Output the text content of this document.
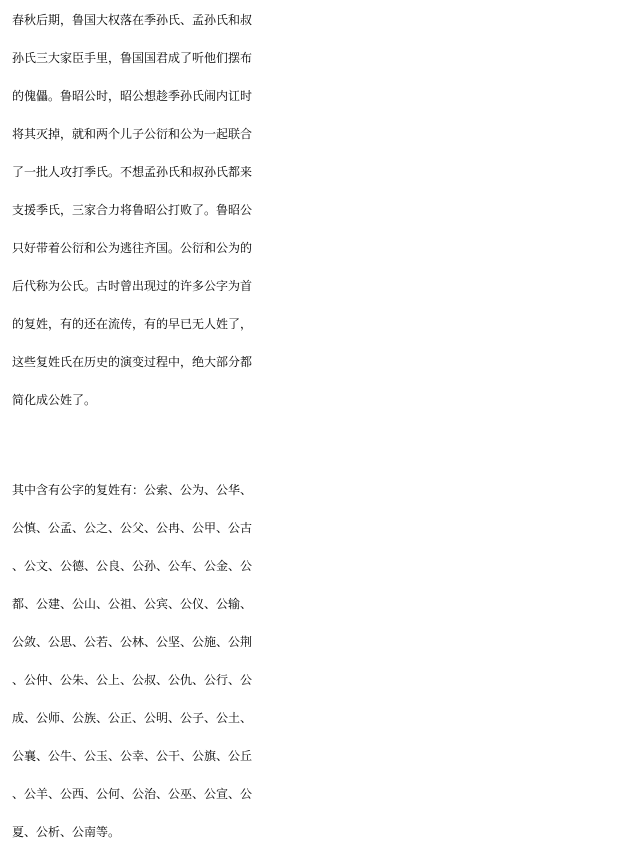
春秋后期，鲁国大权落在季孙氏、孟孙氏和叔
孙氏三大家臣手里，鲁国国君成了听他们摆布
的傀儡。鲁昭公时，昭公想趁季孙氏闹内讧时
将其灭掉，就和两个儿子公衍和公为一起联合
了一批人攻打季氏。不想孟孙氏和叔孙氏都来
支援季氏，三家合力将鲁昭公打败了。鲁昭公
只好带着公衍和公为逃往齐国。公衍和公为的
后代称为公氏。古时曾出现过的许多公字为首
的复姓，有的还在流传，有的早已无人姓了，
这些复姓氏在历史的演变过程中，绝大部分都
简化成公姓了。
其中含有公字的复姓有：公索、公为、公华、
公慎、公孟、公之、公父、公冉、公甲、公古
、公文、公德、公良、公孙、公车、公金、公
都、公建、公山、公祖、公宾、公仪、公输、
公敛、公思、公若、公林、公坚、公施、公荆
、公仲、公朱、公上、公叔、公仇、公行、公
成、公师、公族、公正、公明、公子、公土、
公襄、公牛、公玉、公幸、公干、公旗、公丘
、公羊、公西、公何、公治、公巫、公宣、公
夏、公析、公南等。
